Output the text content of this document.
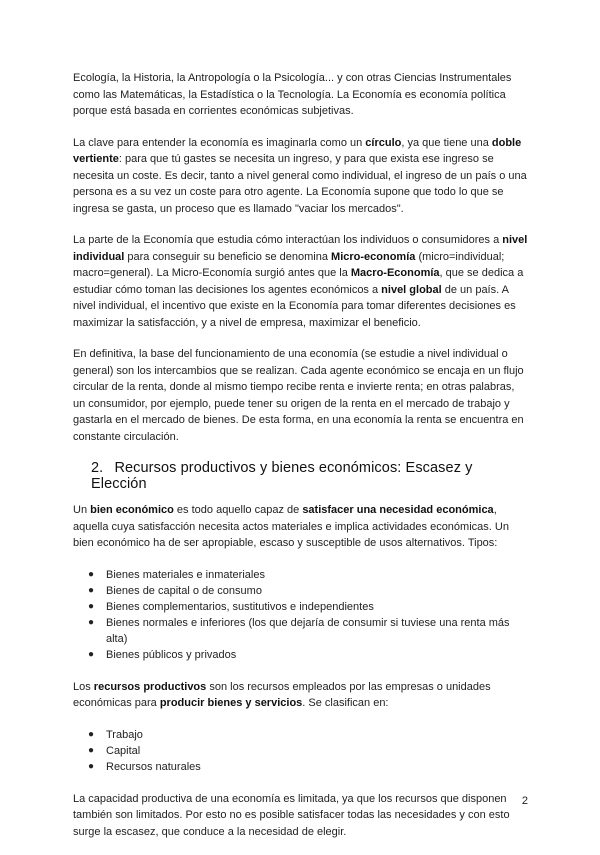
Ecología, la Historia, la Antropología o la Psicología... y con otras Ciencias Instrumentales como las Matemáticas, la Estadística o la Tecnología. La Economía es economía política porque está basada en corrientes económicas subjetivas.

La clave para entender la economía es imaginarla como un círculo, ya que tiene una doble vertiente: para que tú gastes se necesita un ingreso, y para que exista ese ingreso se necesita un coste. Es decir, tanto a nivel general como individual, el ingreso de un país o una persona es a su vez un coste para otro agente. La Economía supone que todo lo que se ingresa se gasta, un proceso que es llamado "vaciar los mercados".

La parte de la Economía que estudia cómo interactúan los individuos o consumidores a nivel individual para conseguir su beneficio se denomina Micro-economía (micro=individual; macro=general). La Micro-Economía surgió antes que la Macro-Economía, que se dedica a estudiar cómo toman las decisiones los agentes económicos a nivel global de un país. A nivel individual, el incentivo que existe en la Economía para tomar diferentes decisiones es maximizar la satisfacción, y a nivel de empresa, maximizar el beneficio.

En definitiva, la base del funcionamiento de una economía (se estudie a nivel individual o general) son los intercambios que se realizan. Cada agente económico se encaja en un flujo circular de la renta, donde al mismo tiempo recibe renta e invierte renta; en otras palabras, un consumidor, por ejemplo, puede tener su origen de la renta en el mercado de trabajo y gastarla en el mercado de bienes. De esta forma, en una economía la renta se encuentra en constante circulación.

2. Recursos productivos y bienes económicos: Escasez y Elección

Un bien económico es todo aquello capaz de satisfacer una necesidad económica, aquella cuya satisfacción necesita actos materiales e implica actividades económicas. Un bien económico ha de ser apropiable, escaso y susceptible de usos alternativos. Tipos:

● Bienes materiales e inmateriales
● Bienes de capital o de consumo
● Bienes complementarios, sustitutivos e independientes
● Bienes normales e inferiores (los que dejaría de consumir si tuviese una renta más alta)
● Bienes públicos y privados

Los recursos productivos son los recursos empleados por las empresas o unidades económicas para producir bienes y servicios. Se clasifican en:

● Trabajo
● Capital
● Recursos naturales

La capacidad productiva de una economía es limitada, ya que los recursos que disponen también son limitados. Por esto no es posible satisfacer todas las necesidades y con esto surge la escasez, que conduce a la necesidad de elegir.

2
